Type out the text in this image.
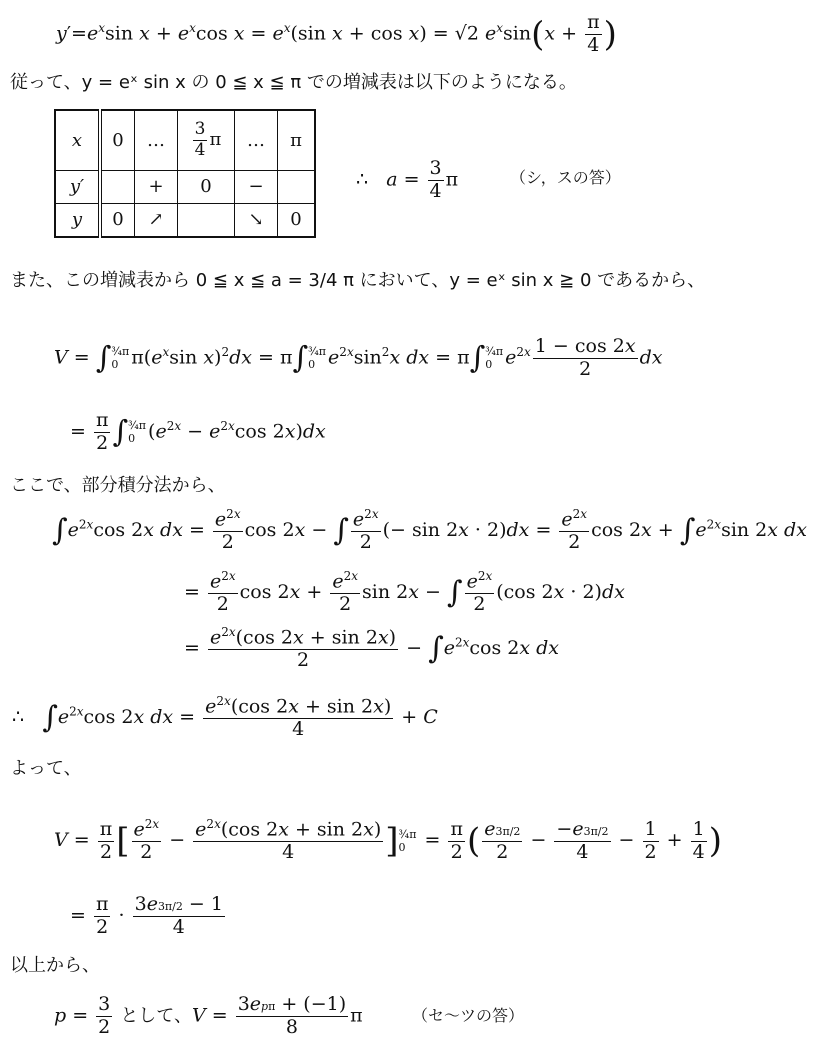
$y'=e^x\sin$ $x + e^x\cos$ $x = e^x(\sin$ x + cos x) = √2 $e^x\sin(x + \frac{\pi}{4}$ )
従って、y = eˣ sin x の 0 ≦ x ≦ π での増減表は以下のようになる。
x	0	…	$\frac{3}{4}$ π	…	π
y′		+	0	−	
y	0	↗		↘	0
∴   $a = \frac{3}{4}$ π	（シ，スの答）
また、この増減表から 0 ≦ x ≦ a = 3/4 π において、y = eˣ sin x ≧ 0 であるから、
V = ∫ ¾π
0 $\pi(e^x\sin$ x)$^2$dx = π∫ ¾π
0 $e^{2x}\sin^2x$ dx = π∫ ¾π
0 $e^{2x} \frac{1 - \cos 2x}{2}$ dx
= $\frac{\pi}{2}$ ∫ ¾π
0 ($e^{2x} - e^{2x}\cos$ 2x)dx
ここで、部分積分法から、
$\int e^{2x}\cos$ 2x dx = $\frac{e^{2x}}{2}$ cos 2x − ∫ $\frac{e^{2x}}{2}$ (− $\sin 2x \cdot 2)dx = \frac{e^{2x}}{2}$ $\cos 2x + \int e^{2x}\sin$ 2x dx
= $\frac{e^{2x}}{2}$ $\cos 2x + \frac{e^{2x}}{2}$ sin 2x − ∫ $\frac{e^{2x}}{2} (\cos$ 2x · 2)dx
= $\frac{e^{2x}(\cos 2x + \sin 2x)}{2} - \int e^{2x}\cos$ 2x dx
∴ $\int e^{2x}\cos$ 2x dx = $\frac{e^{2x}(\cos 2x + \sin 2x)}{4} + C$
よって、
$V = \frac{\pi}{2}$ [ $\frac{e^{2x}}{2} - \frac{e^{2x}(\cos 2x + \sin 2x)}{4}$ ] ¾π
$0 = \frac{\pi}{2}$ ( $\frac{e3\pi/2}{2} - \frac{-e3\pi/2}{4} - \frac{1}{2} + \frac{1}{4}$ )
= $\frac{\pi}{2} \cdot \frac{3e3\pi/2 - 1}{4}$
以上から、
$p = \frac{3}{2}$ として、V =
3epπ + (−1)
8
π	（セ〜ツの答）
